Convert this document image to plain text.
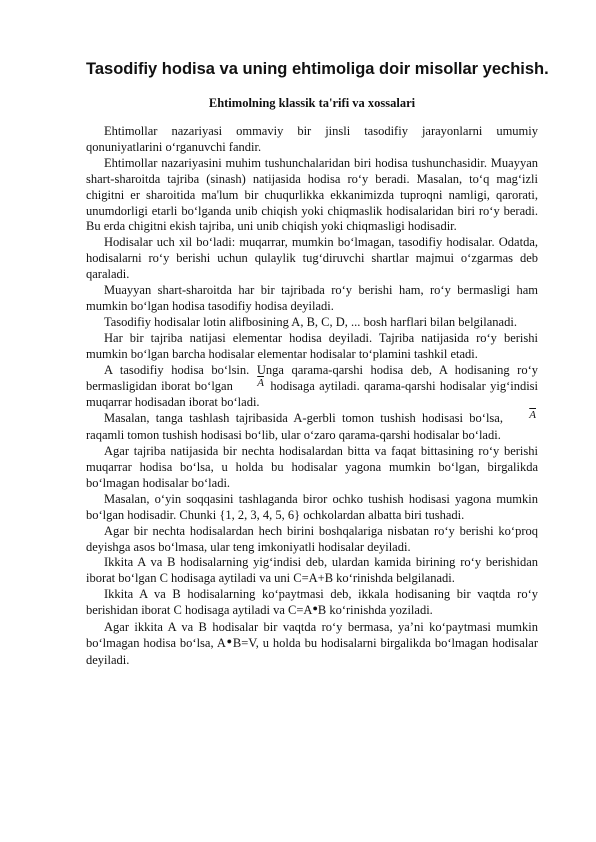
Tasodifiy hodisa va uning ehtimoliga doir misollar yechish.
Ehtimolning klassik ta'rifi va xossalari

Ehtimollar nazariyasi ommaviy bir jinsli tasodifiy jarayonlarni umumiy qonuniyatlarini o‘rganuvchi fandir.

Ehtimollar nazariyasini muhim tushunchalaridan biri hodisa tushunchasidir. Muayyan shart-sharoitda tajriba (sinash) natijasida hodisa ro‘y beradi. Masalan, to‘q mag‘izli chigitni er sharoitida ma'lum bir chuqurlikka ekkanimizda tuproqni namligi, qarorati, unumdorligi etarli bo‘lganda unib chiqish yoki chiqmaslik hodisalaridan biri ro‘y beradi. Bu erda chigitni ekish tajriba, uni unib chiqish yoki chiqmasligi hodisadir.

Hodisalar uch xil bo‘ladi: muqarrar, mumkin bo‘lmagan, tasodifiy hodisalar. Odatda, hodisalarni ro‘y berishi uchun qulaylik tug‘diruvchi shartlar majmui o‘zgarmas deb qaraladi.

Muayyan shart-sharoitda har bir tajribada ro‘y berishi ham, ro‘y bermasligi ham mumkin bo‘lgan hodisa tasodifiy hodisa deyiladi.

Tasodifiy hodisalar lotin alifbosining A, B, C, D, ... bosh harflari bilan belgilanadi.

Har bir tajriba natijasi elementar hodisa deyiladi. Tajriba natijasida ro‘y berishi mumkin bo‘lgan barcha hodisalar elementar hodisalar to‘plamini tashkil etadi.

A tasodifiy hodisa bo‘lsin. Unga qarama-qarshi hodisa deb, A hodisaning ro‘y bermasligidan iborat bo‘lgan $\overline{A}$ hodisaga aytiladi. qarama-qarshi hodisalar yig‘indisi muqarrar hodisadan iborat bo‘ladi.

Masalan, tanga tashlash tajribasida A-gerbli tomon tushish hodisasi bo‘lsa, $\overline{A}$ raqamli tomon tushish hodisasi bo‘lib, ular o‘zaro qarama-qarshi hodisalar bo‘ladi.

Agar tajriba natijasida bir nechta hodisalardan bitta va faqat bittasining ro‘y berishi muqarrar hodisa bo‘lsa, u holda bu hodisalar yagona mumkin bo‘lgan, birgalikda bo‘lmagan hodisalar bo‘ladi.

Masalan, o‘yin soqqasini tashlaganda biror ochko tushish hodisasi yagona mumkin bo‘lgan hodisadir. Chunki {1, 2, 3, 4, 5, 6} ochkolardan albatta biri tushadi.

Agar bir nechta hodisalardan hech birini boshqalariga nisbatan ro‘y berishi ko‘proq deyishga asos bo‘lmasa, ular teng imkoniyatli hodisalar deyiladi.

Ikkita A va B hodisalarning yig‘indisi deb, ulardan kamida birining ro‘y berishidan iborat bo‘lgan C hodisaga aytiladi va uni C=A+B ko‘rinishda belgilanadi.

Ikkita A va B hodisalarning ko‘paytmasi deb, ikkala hodisaning bir vaqtda ro‘y berishidan iborat C hodisaga aytiladi va C=A●B ko‘rinishda yoziladi.

Agar ikkita A va B hodisalar bir vaqtda ro‘y bermasa, ya’ni ko‘paytmasi mumkin bo‘lmagan hodisa bo‘lsa, A●B=V, u holda bu hodisalarni birgalikda bo‘lmagan hodisalar deyiladi.
